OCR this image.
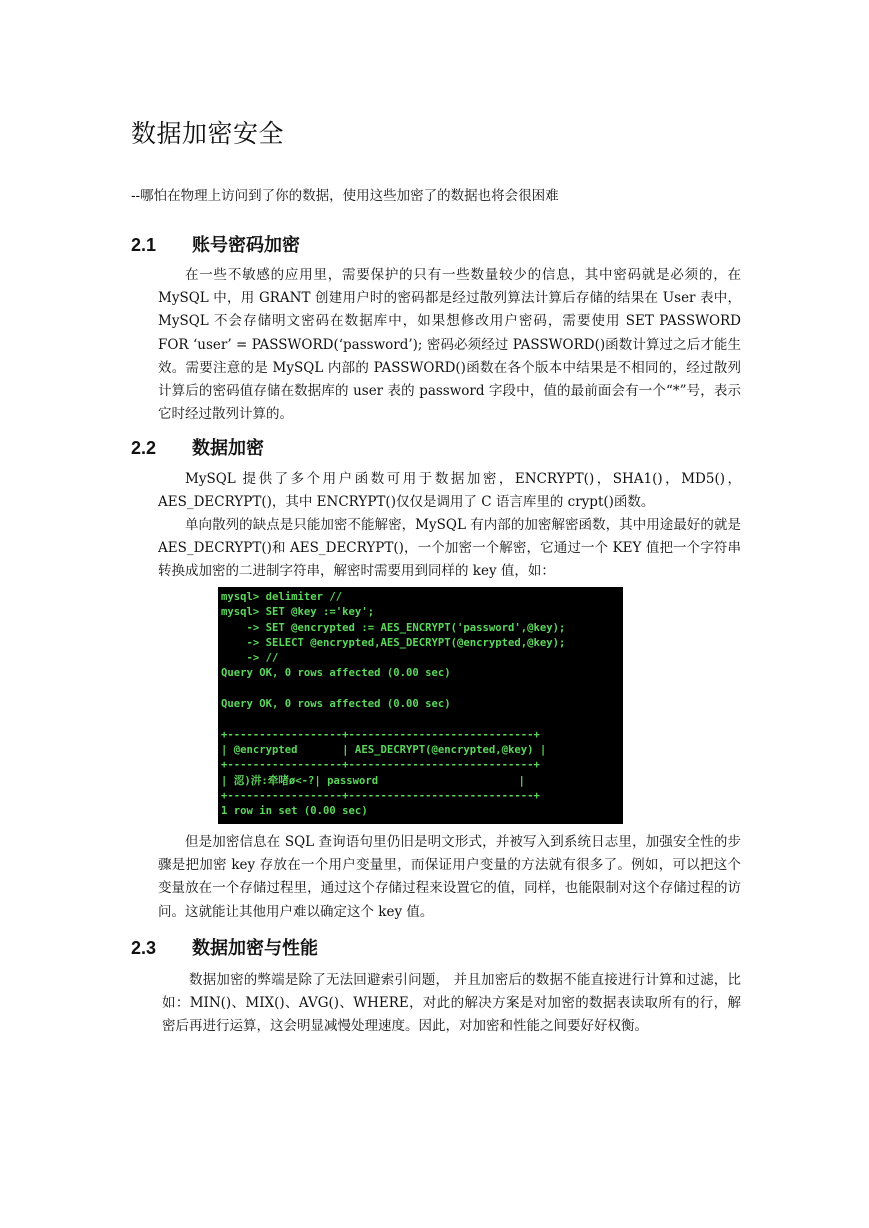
数据加密安全

--哪怕在物理上访问到了你的数据，使用这些加密了的数据也将会很困难

2.1 账号密码加密

在一些不敏感的应用里，需要保护的只有一些数量较少的信息，其中密码就是必须的，在 MySQL 中，用 GRANT 创建用户时的密码都是经过散列算法计算后存储的结果在 User 表中，MySQL 不会存储明文密码在数据库中，如果想修改用户密码，需要使用 SET PASSWORD FOR ‘user’ = PASSWORD(‘password’); 密码必须经过 PASSWORD()函数计算过之后才能生效。需要注意的是 MySQL 内部的 PASSWORD()函数在各个版本中结果是不相同的，经过散列计算后的密码值存储在数据库的 user 表的 password 字段中，值的最前面会有一个“*”号，表示它时经过散列计算的。

2.2 数据加密

MySQL 提供了多个用户函数可用于数据加密，ENCRYPT()，SHA1()，MD5()，AES_DECRYPT()，其中 ENCRYPT()仅仅是调用了 C 语言库里的 crypt()函数。

单向散列的缺点是只能加密不能解密，MySQL 有内部的加密解密函数，其中用途最好的就是 AES_DECRYPT()和 AES_DECRYPT()，一个加密一个解密，它通过一个 KEY 值把一个字符串转换成加密的二进制字符串，解密时需要用到同样的 key 值，如：

mysql> delimiter //
mysql> SET @key :='key';
-> SET @encrypted := AES_ENCRYPT('password',@key);
-> SELECT @encrypted,AES_DECRYPT(@encrypted,@key);
-> //
Query OK, 0 rows affected (0.00 sec)

Query OK, 0 rows affected (0.00 sec)

+------------------+-----------------------------+
| @encrypted       | AES_DECRYPT(@encrypted,@key) |
+------------------+-----------------------------+
| 涊)汫:牵啫ø<-?| password                      |
+------------------+-----------------------------+
1 row in set (0.00 sec)

但是加密信息在 SQL 查询语句里仍旧是明文形式，并被写入到系统日志里，加强安全性的步骤是把加密 key 存放在一个用户变量里，而保证用户变量的方法就有很多了。例如，可以把这个变量放在一个存储过程里，通过这个存储过程来设置它的值，同样，也能限制对这个存储过程的访问。这就能让其他用户难以确定这个 key 值。

2.3 数据加密与性能

数据加密的弊端是除了无法回避索引问题， 并且加密后的数据不能直接进行计算和过滤，比如：MIN()、MIX()、AVG()、WHERE，对此的解决方案是对加密的数据表读取所有的行，解密后再进行运算，这会明显减慢处理速度。因此，对加密和性能之间要好好权衡。
